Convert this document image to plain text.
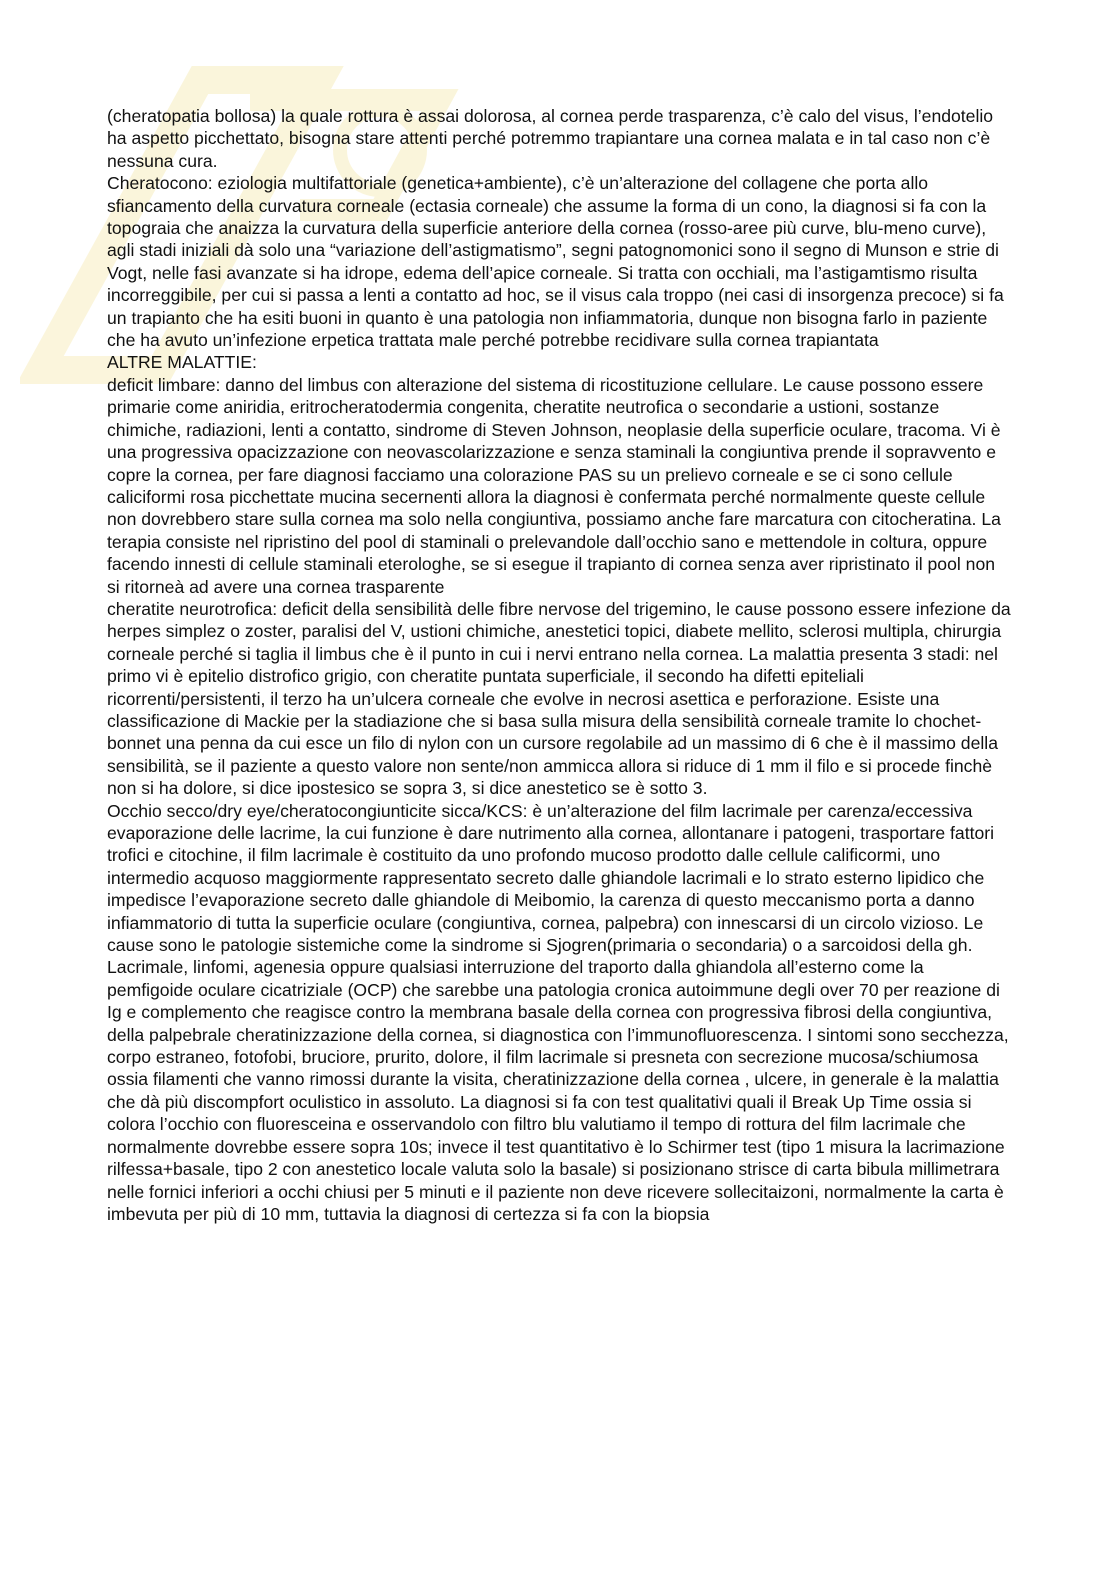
(cheratopatia bollosa) la quale rottura è assai dolorosa, al cornea perde trasparenza, c’è calo del visus, l’endotelio ha aspetto picchettato, bisogna stare attenti perché potremmo trapiantare una cornea malata e in tal caso non c’è nessuna cura.

Cheratocono: eziologia multifattoriale (genetica+ambiente), c’è un’alterazione del collagene che porta allo sfiancamento della curvatura corneale (ectasia corneale) che assume la forma di un cono, la diagnosi si fa con la topograia che anaizza la curvatura della superficie anteriore della cornea (rosso-aree più curve, blu-meno curve), agli stadi iniziali dà solo una “variazione dell’astigmatismo”, segni patognomonici sono il segno di Munson e strie di Vogt, nelle fasi avanzate si ha idrope, edema dell’apice corneale. Si tratta con occhiali, ma l’astigamtismo risulta incorreggibile, per cui si passa a lenti a contatto ad hoc, se il visus cala troppo (nei casi di insorgenza precoce) si fa un trapianto che ha esiti buoni in quanto è una patologia non infiammatoria, dunque non bisogna farlo in paziente che ha avuto un’infezione erpetica trattata male perché potrebbe recidivare sulla cornea trapiantata

ALTRE MALATTIE:

deficit limbare: danno del limbus con alterazione del sistema di ricostituzione cellulare. Le cause possono essere primarie come aniridia, eritrocheratodermia congenita, cheratite neutrofica o secondarie a ustioni, sostanze chimiche, radiazioni, lenti a contatto, sindrome di Steven Johnson, neoplasie della superficie oculare, tracoma. Vi è una progressiva opacizzazione con neovascolarizzazione e senza staminali la congiuntiva prende il sopravvento e copre la cornea, per fare diagnosi facciamo una colorazione PAS su un prelievo corneale e se ci sono cellule caliciformi rosa picchettate mucina secernenti allora la diagnosi è confermata perché normalmente queste cellule non dovrebbero stare sulla cornea ma solo nella congiuntiva, possiamo anche fare marcatura con citocheratina. La terapia consiste nel ripristino del pool di staminali o prelevandole dall’occhio sano e mettendole in coltura, oppure facendo innesti di cellule staminali eterologhe, se si esegue il trapianto di cornea senza aver ripristinato il pool non si ritorneà ad avere una cornea trasparente

cheratite neurotrofica: deficit della sensibilità delle fibre nervose del trigemino, le cause possono essere infezione da herpes simplez o zoster, paralisi del V, ustioni chimiche, anestetici topici, diabete mellito, sclerosi multipla, chirurgia corneale perché si taglia il limbus che è il punto in cui i nervi entrano nella cornea. La malattia presenta 3 stadi: nel primo vi è epitelio distrofico grigio, con cheratite puntata superficiale, il secondo ha difetti epiteliali ricorrenti/persistenti, il terzo ha un’ulcera corneale che evolve in necrosi asettica e perforazione. Esiste una classificazione di Mackie per la stadiazione che si basa sulla misura della sensibilità corneale tramite lo chochet-bonnet una penna da cui esce un filo di nylon con un cursore regolabile ad un massimo di 6 che è il massimo della sensibilità, se il paziente a questo valore non sente/non ammicca allora si riduce di 1 mm il filo e si procede finchè non si ha dolore, si dice ipostesico se sopra 3, si dice anestetico se è sotto 3.

Occhio secco/dry eye/cheratocongiunticite sicca/KCS: è un’alterazione del film lacrimale per carenza/eccessiva evaporazione delle lacrime, la cui funzione è dare nutrimento alla cornea, allontanare i patogeni, trasportare fattori trofici e citochine, il film lacrimale è costituito da uno profondo mucoso prodotto dalle cellule calificormi, uno intermedio acquoso maggiormente rappresentato secreto dalle ghiandole lacrimali e lo strato esterno lipidico che impedisce l’evaporazione secreto dalle ghiandole di Meibomio, la carenza di questo meccanismo porta a danno infiammatorio di tutta la superficie oculare (congiuntiva, cornea, palpebra) con innescarsi di un circolo vizioso. Le cause sono le patologie sistemiche come la sindrome si Sjogren(primaria o secondaria) o a sarcoidosi della gh. Lacrimale, linfomi, agenesia oppure qualsiasi interruzione del traporto dalla ghiandola all’esterno come la pemfigoide oculare cicatriziale (OCP) che sarebbe una patologia cronica autoimmune degli over 70 per reazione di Ig e complemento che reagisce contro la membrana basale della cornea con progressiva fibrosi della congiuntiva, della palpebrale cheratinizzazione della cornea, si diagnostica con l’immunofluorescenza. I sintomi sono secchezza, corpo estraneo, fotofobi, bruciore, prurito, dolore, il film lacrimale si presneta con secrezione mucosa/schiumosa ossia filamenti che vanno rimossi durante la visita, cheratinizzazione della cornea , ulcere, in generale è la malattia che dà più discompfort oculistico in assoluto. La diagnosi si fa con test qualitativi quali il Break Up Time ossia si colora l’occhio con fluoresceina e osservandolo con filtro blu valutiamo il tempo di rottura del film lacrimale che normalmente dovrebbe essere sopra 10s; invece il test quantitativo è lo Schirmer test (tipo 1 misura la lacrimazione rilfessa+basale, tipo 2 con anestetico locale valuta solo la basale) si posizionano strisce di carta bibula millimetrara nelle fornici inferiori a occhi chiusi per 5 minuti e il paziente non deve ricevere sollecitaizoni, normalmente la carta è imbevuta per più di 10 mm, tuttavia la diagnosi di certezza si fa con la biopsia
